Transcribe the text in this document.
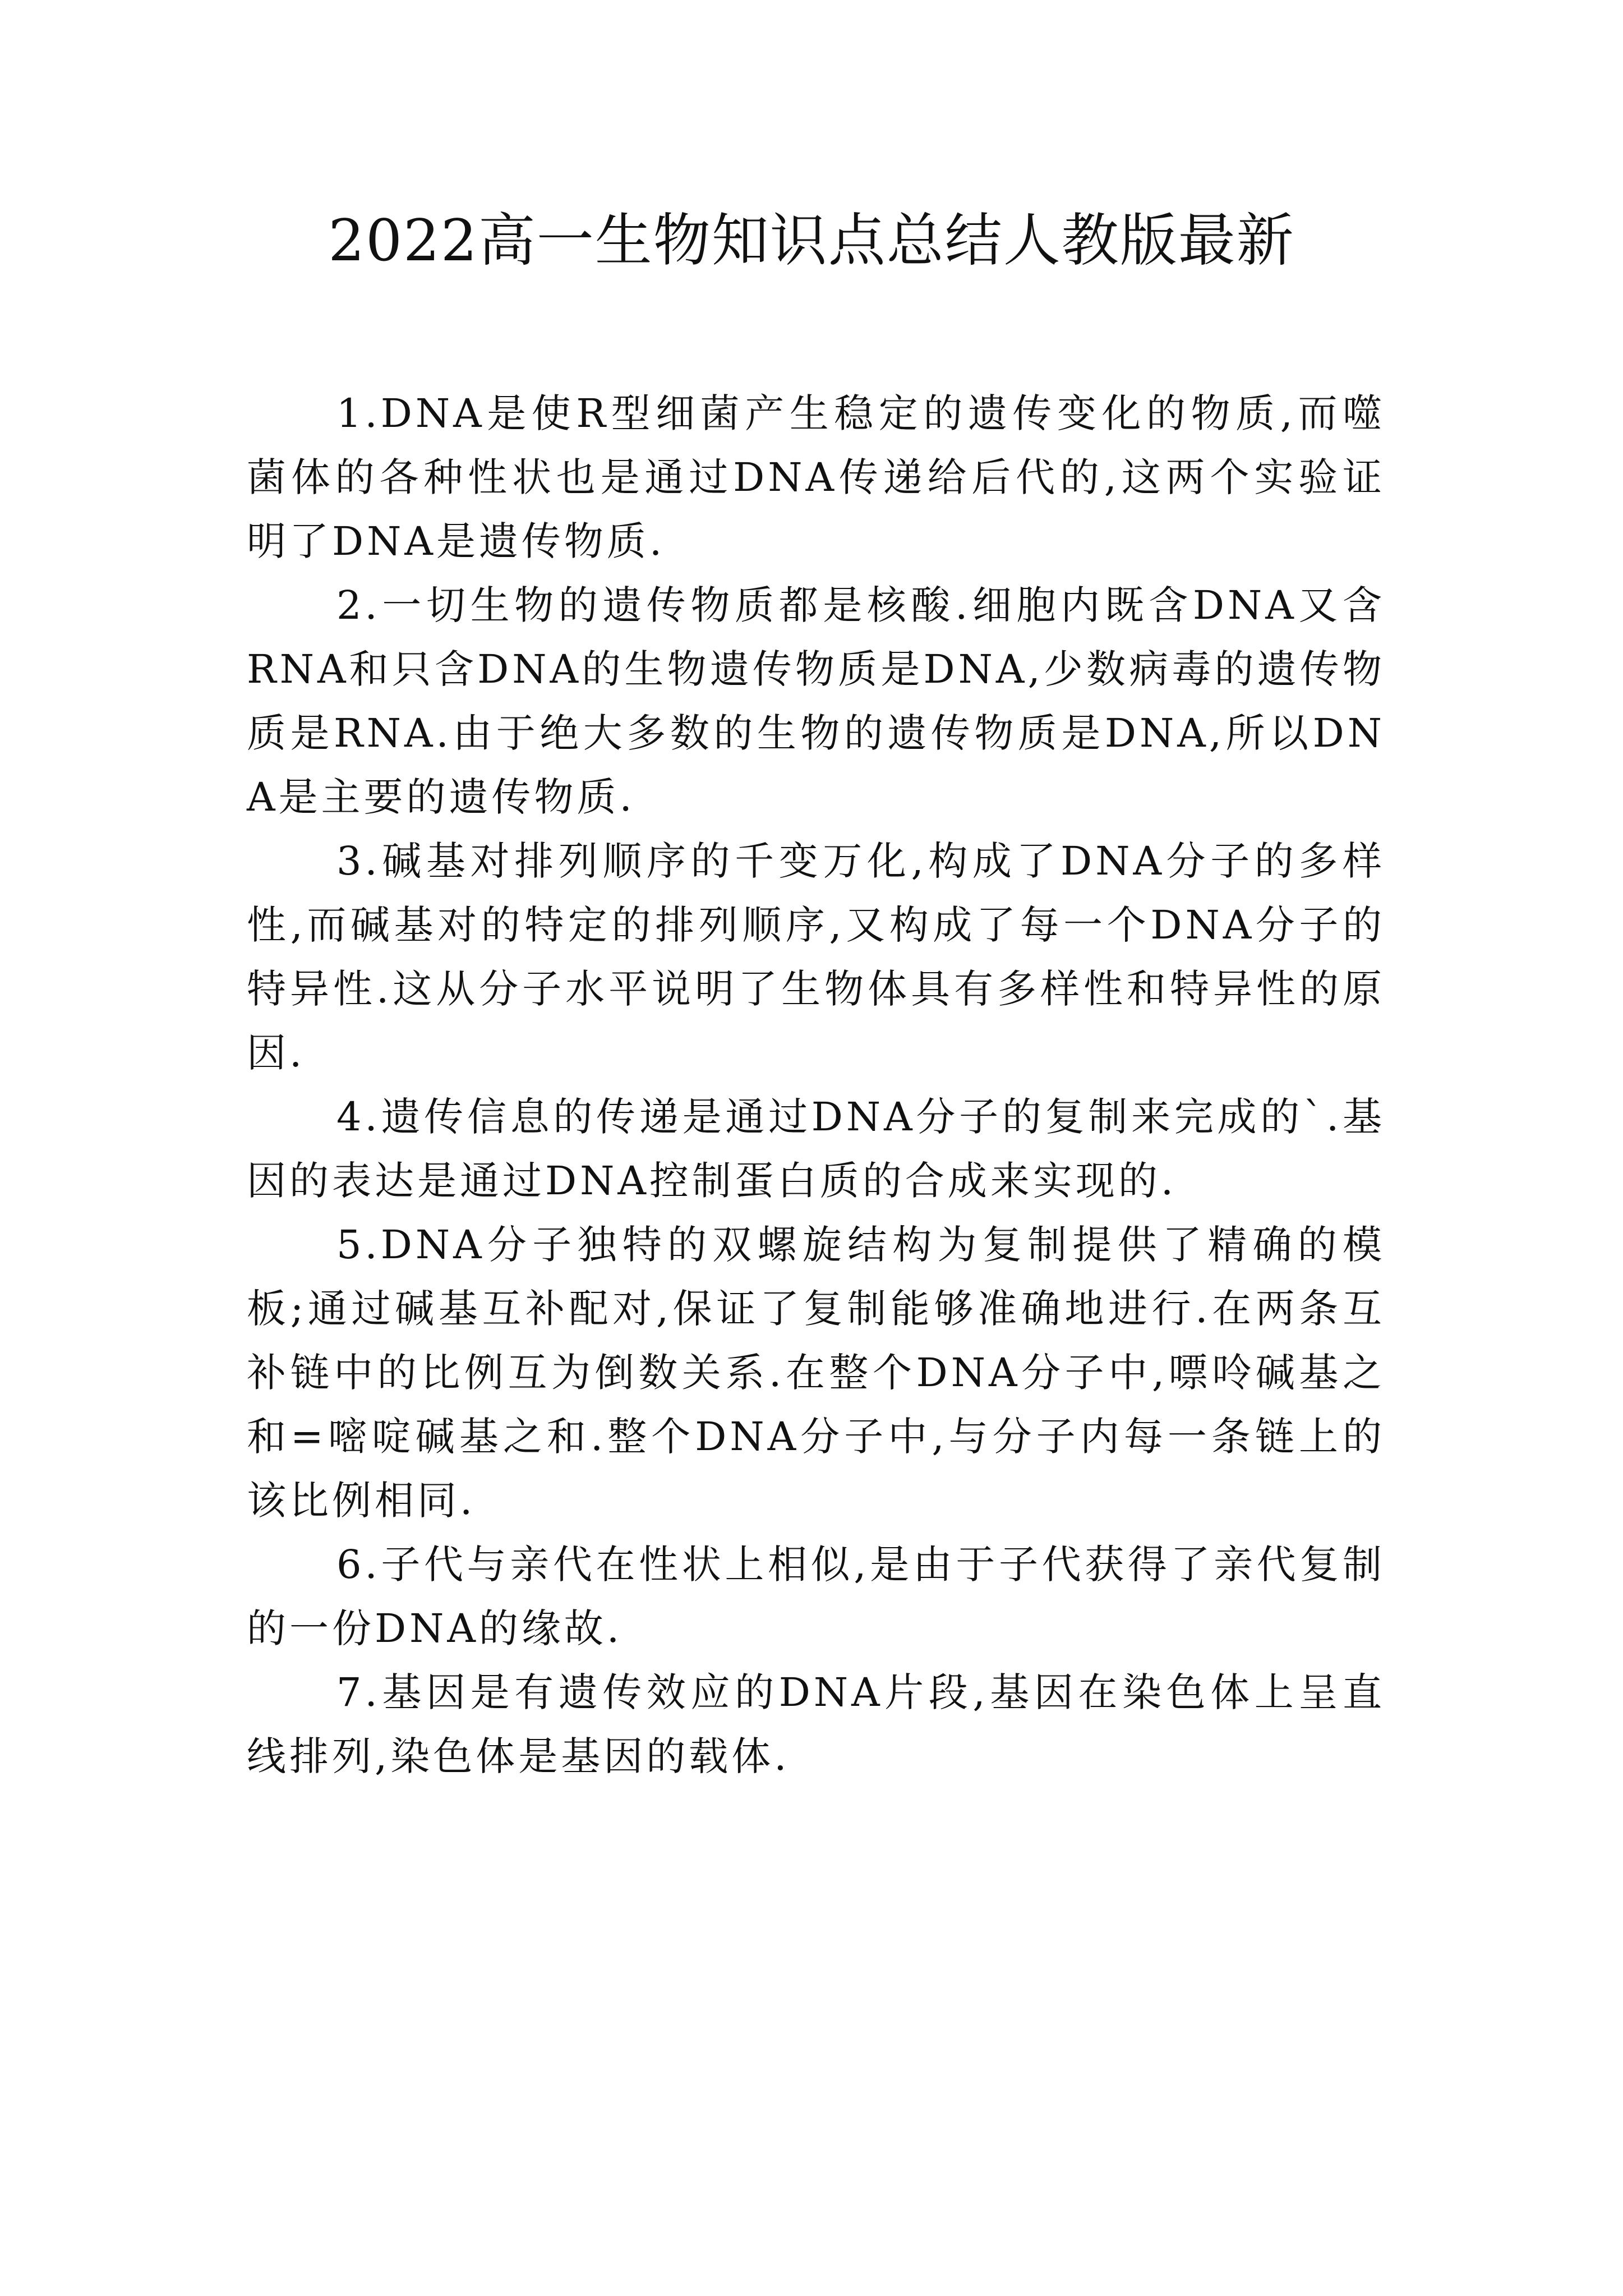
2022高一生物知识点总结人教版最新

1.DNA是使R型细菌产生稳定的遗传变化的物质,而噬菌体的各种性状也是通过DNA传递给后代的,这两个实验证明了DNA是遗传物质.

2.一切生物的遗传物质都是核酸.细胞内既含DNA又含RNA和只含DNA的生物遗传物质是DNA,少数病毒的遗传物质是RNA.由于绝大多数的生物的遗传物质是DNA,所以DNA是主要的遗传物质.

3.碱基对排列顺序的千变万化,构成了DNA分子的多样性,而碱基对的特定的排列顺序,又构成了每一个DNA分子的特异性.这从分子水平说明了生物体具有多样性和特异性的原因.

4.遗传信息的传递是通过DNA分子的复制来完成的`.基因的表达是通过DNA控制蛋白质的合成来实现的.

5.DNA分子独特的双螺旋结构为复制提供了精确的模板;通过碱基互补配对,保证了复制能够准确地进行.在两条互补链中的比例互为倒数关系.在整个DNA分子中,嘌呤碱基之和=嘧啶碱基之和.整个DNA分子中,与分子内每一条链上的该比例相同.

6.子代与亲代在性状上相似,是由于子代获得了亲代复制的一份DNA的缘故.

7.基因是有遗传效应的DNA片段,基因在染色体上呈直线排列,染色体是基因的载体.
